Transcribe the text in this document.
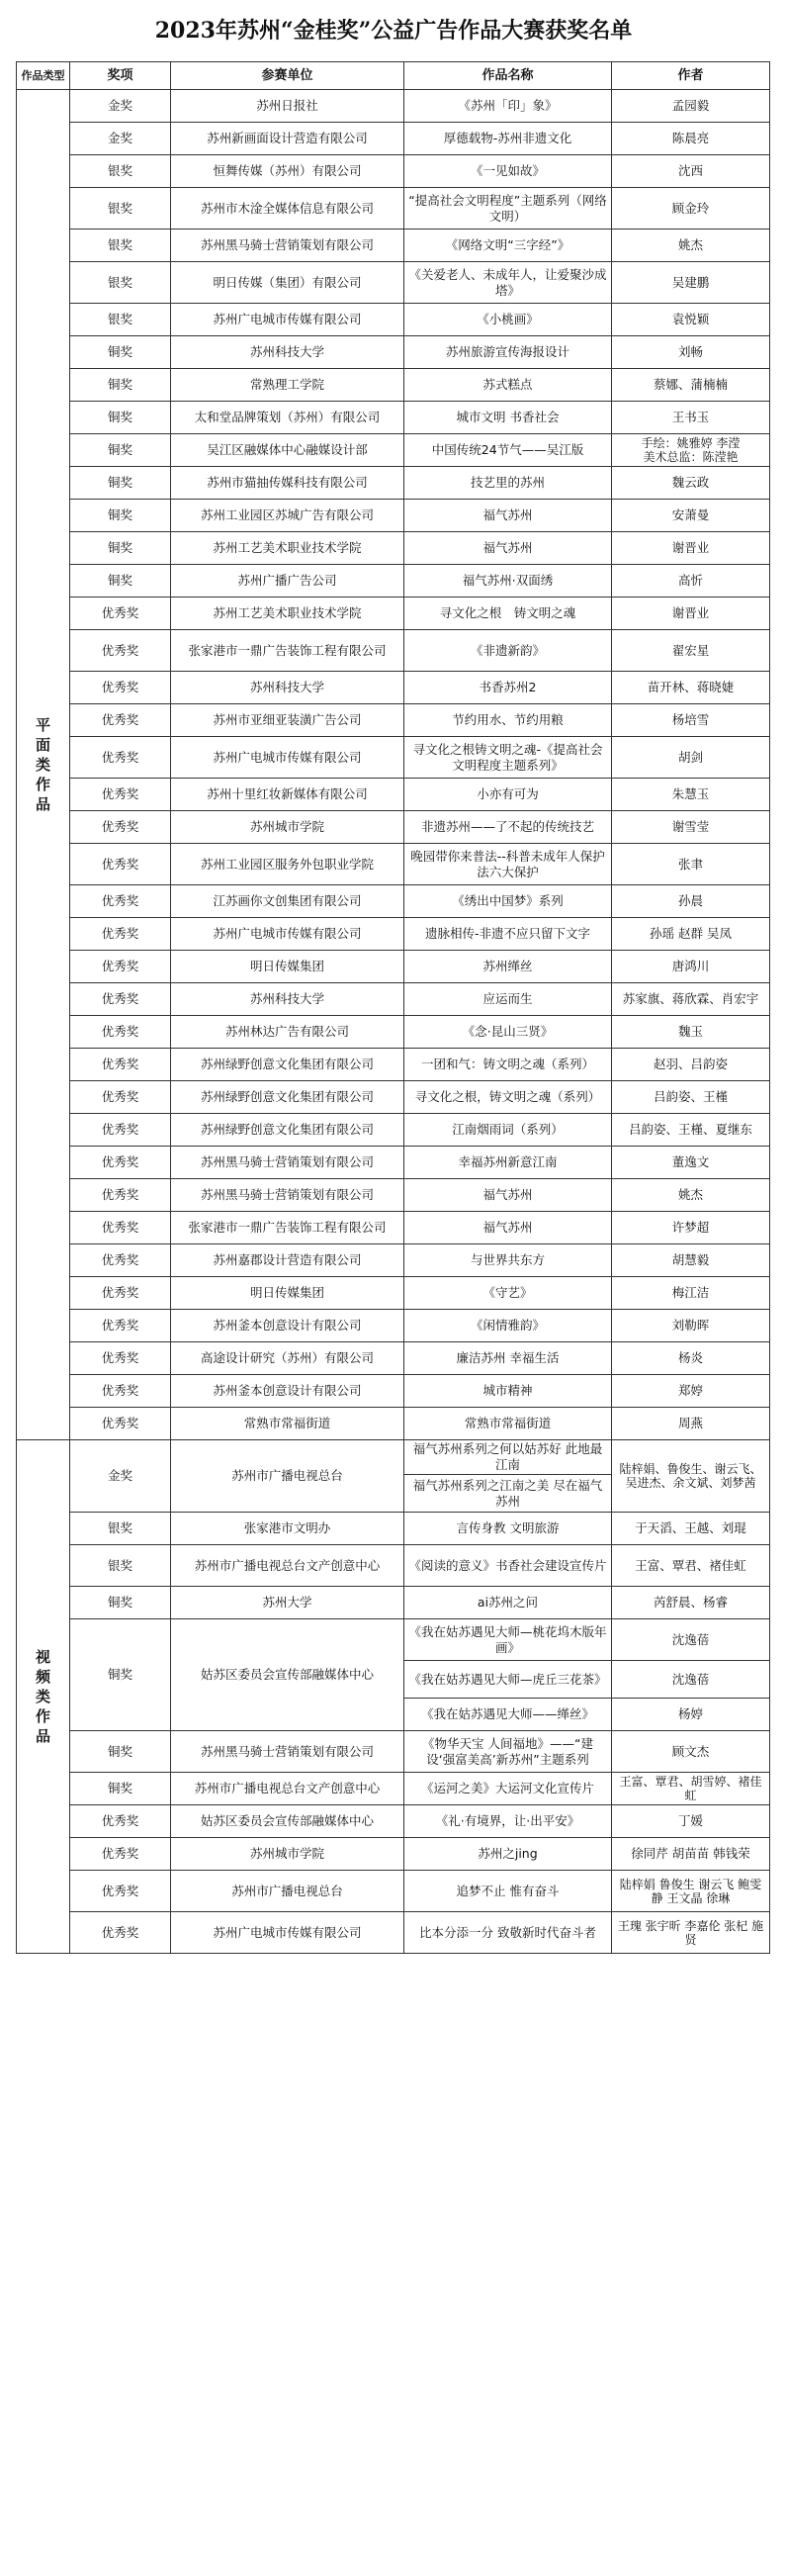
2023年苏州“金桂奖”公益广告作品大赛获奖名单
作品类型	奖项	参赛单位	作品名称	作者

平
面
类
作
品	金奖	苏州日报社	《苏州「印」象》	孟园毅
	金奖	苏州新画面设计营造有限公司	厚德载物-苏州非遗文化	陈晨亮
	银奖	恒舞传媒（苏州）有限公司	《一见如故》	沈西
	银奖	苏州市木淦全媒体信息有限公司	“提高社会文明程度”主题系列（网络文明）	顾金玲
	银奖	苏州黑马骑士营销策划有限公司	《网络文明“三字经”》	姚杰
	银奖	明日传媒（集团）有限公司	《关爱老人、未成年人，让爱聚沙成塔》	吴建鹏
	银奖	苏州广电城市传媒有限公司	《小桃画》	袁悦颖
	铜奖	苏州科技大学	苏州旅游宣传海报设计	刘畅
	铜奖	常熟理工学院	苏式糕点	蔡娜、蒲楠楠
	铜奖	太和堂品牌策划（苏州）有限公司	城市文明 书香社会	王书玉
	铜奖	吴江区融媒体中心融媒设计部	中国传统24节气——吴江版	手绘：姚雅婷 李滢
美术总监：陈滢艳
	铜奖	苏州市猫抽传媒科技有限公司	技艺里的苏州	魏云政
	铜奖	苏州工业园区苏城广告有限公司	福气苏州	安萧曼
	铜奖	苏州工艺美术职业技术学院	福气苏州	谢晋业
	铜奖	苏州广播广告公司	福气苏州·双面绣	高忻
	优秀奖	苏州工艺美术职业技术学院	寻文化之根　铸文明之魂	谢晋业
	优秀奖	张家港市一鼎广告装饰工程有限公司	《非遗新韵》	翟宏星
	优秀奖	苏州科技大学	书香苏州2	苗开林、蒋晓婕
	优秀奖	苏州市亚细亚装潢广告公司	节约用水、节约用粮	杨培雪
	优秀奖	苏州广电城市传媒有限公司	寻文化之根铸文明之魂-《提高社会文明程度主题系列》	胡剑
	优秀奖	苏州十里红妆新媒体有限公司	小亦有可为	朱慧玉
	优秀奖	苏州城市学院	非遗苏州——了不起的传统技艺	谢雪莹
	优秀奖	苏州工业园区服务外包职业学院	晚园带你来普法--科普未成年人保护法六大保护	张聿
	优秀奖	江苏画你文创集团有限公司	《绣出中国梦》系列	孙晨
	优秀奖	苏州广电城市传媒有限公司	遗脉相传-非遗不应只留下文字	孙瑶 赵群 吴凤
	优秀奖	明日传媒集团	苏州缂丝	唐鸿川
	优秀奖	苏州科技大学	应运而生	苏家旗、蒋欣霖、肖宏宇
	优秀奖	苏州林达广告有限公司	《念·昆山三贤》	魏玉
	优秀奖	苏州绿野创意文化集团有限公司	一团和气：铸文明之魂（系列）	赵羽、吕韵姿
	优秀奖	苏州绿野创意文化集团有限公司	寻文化之根，铸文明之魂（系列）	吕韵姿、王槿
	优秀奖	苏州绿野创意文化集团有限公司	江南烟雨词（系列）	吕韵姿、王槿、夏继东
	优秀奖	苏州黑马骑士营销策划有限公司	幸福苏州新意江南	董逸文
	优秀奖	苏州黑马骑士营销策划有限公司	福气苏州	姚杰
	优秀奖	张家港市一鼎广告装饰工程有限公司	福气苏州	许梦超
	优秀奖	苏州嘉郡设计营造有限公司	与世界共东方	胡慧毅
	优秀奖	明日传媒集团	《守艺》	梅江洁
	优秀奖	苏州釜本创意设计有限公司	《闲情雅韵》	刘勒晖
	优秀奖	高途设计研究（苏州）有限公司	廉洁苏州 幸福生活	杨炎
	优秀奖	苏州釜本创意设计有限公司	城市精神	郑婷
	优秀奖	常熟市常福街道	常熟市常福街道	周燕

视
频
类
作
品	金奖	苏州市广播电视总台	福气苏州系列之何以姑苏好 此地最江南	陆梓娟、鲁俊生、谢云飞、吴进杰、余文斌、刘梦茜
			福气苏州系列之江南之美 尽在福气苏州	
	银奖	张家港市文明办	言传身教 文明旅游	于天滔、王越、刘琨
	银奖	苏州市广播电视总台文产创意中心	《阅读的意义》书香社会建设宣传片	王富、覃君、褚佳虹
	铜奖	苏州大学	ai苏州之问	芮舒晨、杨睿
	铜奖	姑苏区委员会宣传部融媒体中心	《我在姑苏遇见大师—桃花坞木版年画》	沈逸蓓
			《我在姑苏遇见大师—虎丘三花茶》	沈逸蓓
			《我在姑苏遇见大师——缂丝》	杨婷
	铜奖	苏州黑马骑士营销策划有限公司	《物华天宝 人间福地》——“建设‘强富美高’新苏州”主题系列	顾文杰
	铜奖	苏州市广播电视总台文产创意中心	《运河之美》大运河文化宣传片	王富、覃君、胡雪婷、褚佳虹
	优秀奖	姑苏区委员会宣传部融媒体中心	《礼·有境界，让·出平安》	丁媛
	优秀奖	苏州城市学院	苏州之jing	徐同芹 胡苗苗 韩钱荣
	优秀奖	苏州市广播电视总台	追梦不止 惟有奋斗	陆梓娟 鲁俊生 谢云飞 鲍雯静 王文晶 徐琳
	优秀奖	苏州广电城市传媒有限公司	比本分添一分 致敬新时代奋斗者	王瑰 张宇昕 李嘉伦 张杞 施贤
